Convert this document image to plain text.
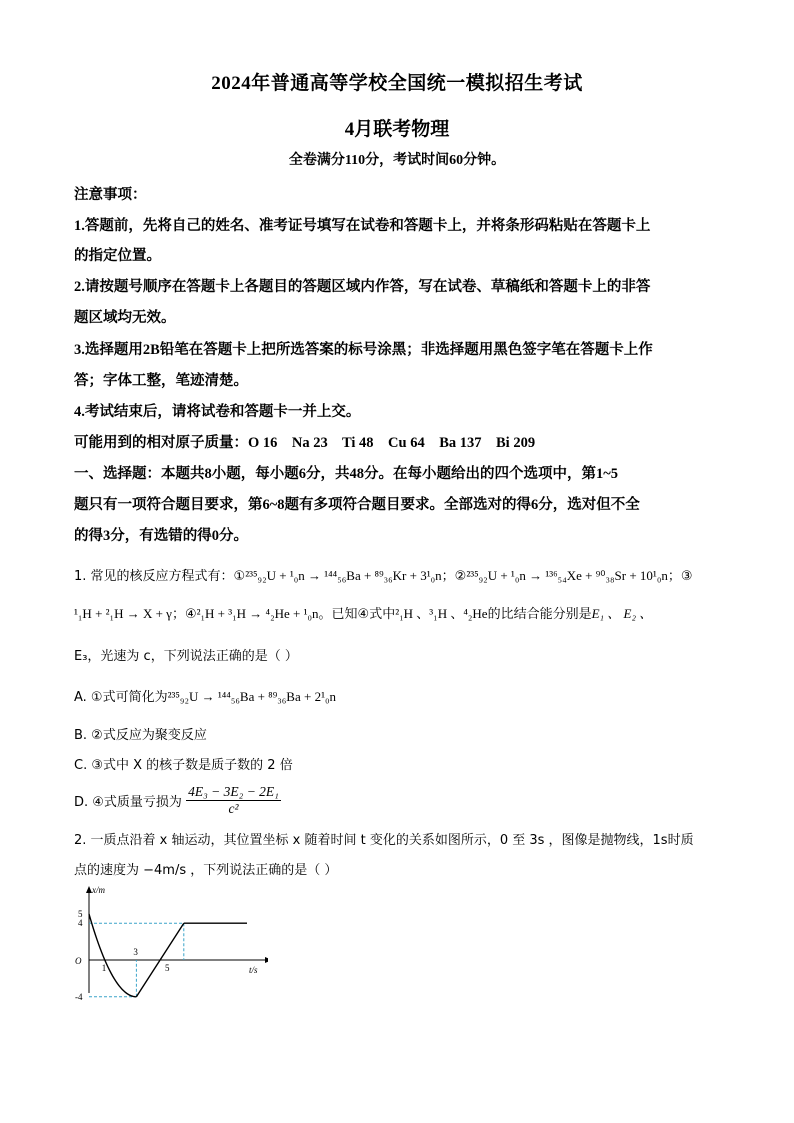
2024年普通高等学校全国统一模拟招生考试
4月联考物理
全卷满分110分，考试时间60分钟。
注意事项：
1.答题前，先将自己的姓名、准考证号填写在试卷和答题卡上，并将条形码粘贴在答题卡上
的指定位置。
2.请按题号顺序在答题卡上各题目的答题区域内作答，写在试卷、草稿纸和答题卡上的非答
题区域均无效。
3.选择题用2B铅笔在答题卡上把所选答案的标号涂黑；非选择题用黑色签字笔在答题卡上作
答；字体工整，笔迹清楚。
4.考试结束后，请将试卷和答题卡一并上交。
可能用到的相对原子质量：O 16    Na 23    Ti 48    Cu 64    Ba 137    Bi 209
一、选择题：本题共8小题，每小题6分，共48分。在每小题给出的四个选项中，第1~5
题只有一项符合题目要求，第6~8题有多项符合题目要求。全部选对的得6分，选对但不全
的得3分，有选错的得0分。
1. 常见的核反应方程式有：①²³⁵₉₂U + ¹₀n → ¹⁴⁴₅₆Ba + ⁸⁹₃₆Kr + 3¹₀n；②²³⁵₉₂U + ¹₀n → ¹³⁶₅₄Xe + ⁹⁰₃₈Sr + 10¹₀n；③
¹₁H + ²₁H → X + γ；④²₁H + ³₁H → ⁴₂He + ¹₀n。已知④式中²₁H 、³₁H 、⁴₂He的比结合能分别是E₁ 、 E₂ 、
E₃，光速为 c，下列说法正确的是（ ）
A. ①式可简化为²³⁵₉₂U → ¹⁴⁴₅₆Ba + ⁸⁹₃₆Ba + 2¹₀n
B. ②式反应为聚变反应
C. ③式中 X 的核子数是质子数的 2 倍
D. ④式质量亏损为 $\frac{\text{4E₃ − 3E₂ − 2E₁}}{\text{c²}}$
2. 一质点沿着 x 轴运动，其位置坐标 x 随着时间 t 变化的关系如图所示，0 至 3s ，图像是抛物线，1s时质
点的速度为 −4m/s ，下列说法正确的是（ ）
x/m
t/s
O
5
4
-4
1
3
5
